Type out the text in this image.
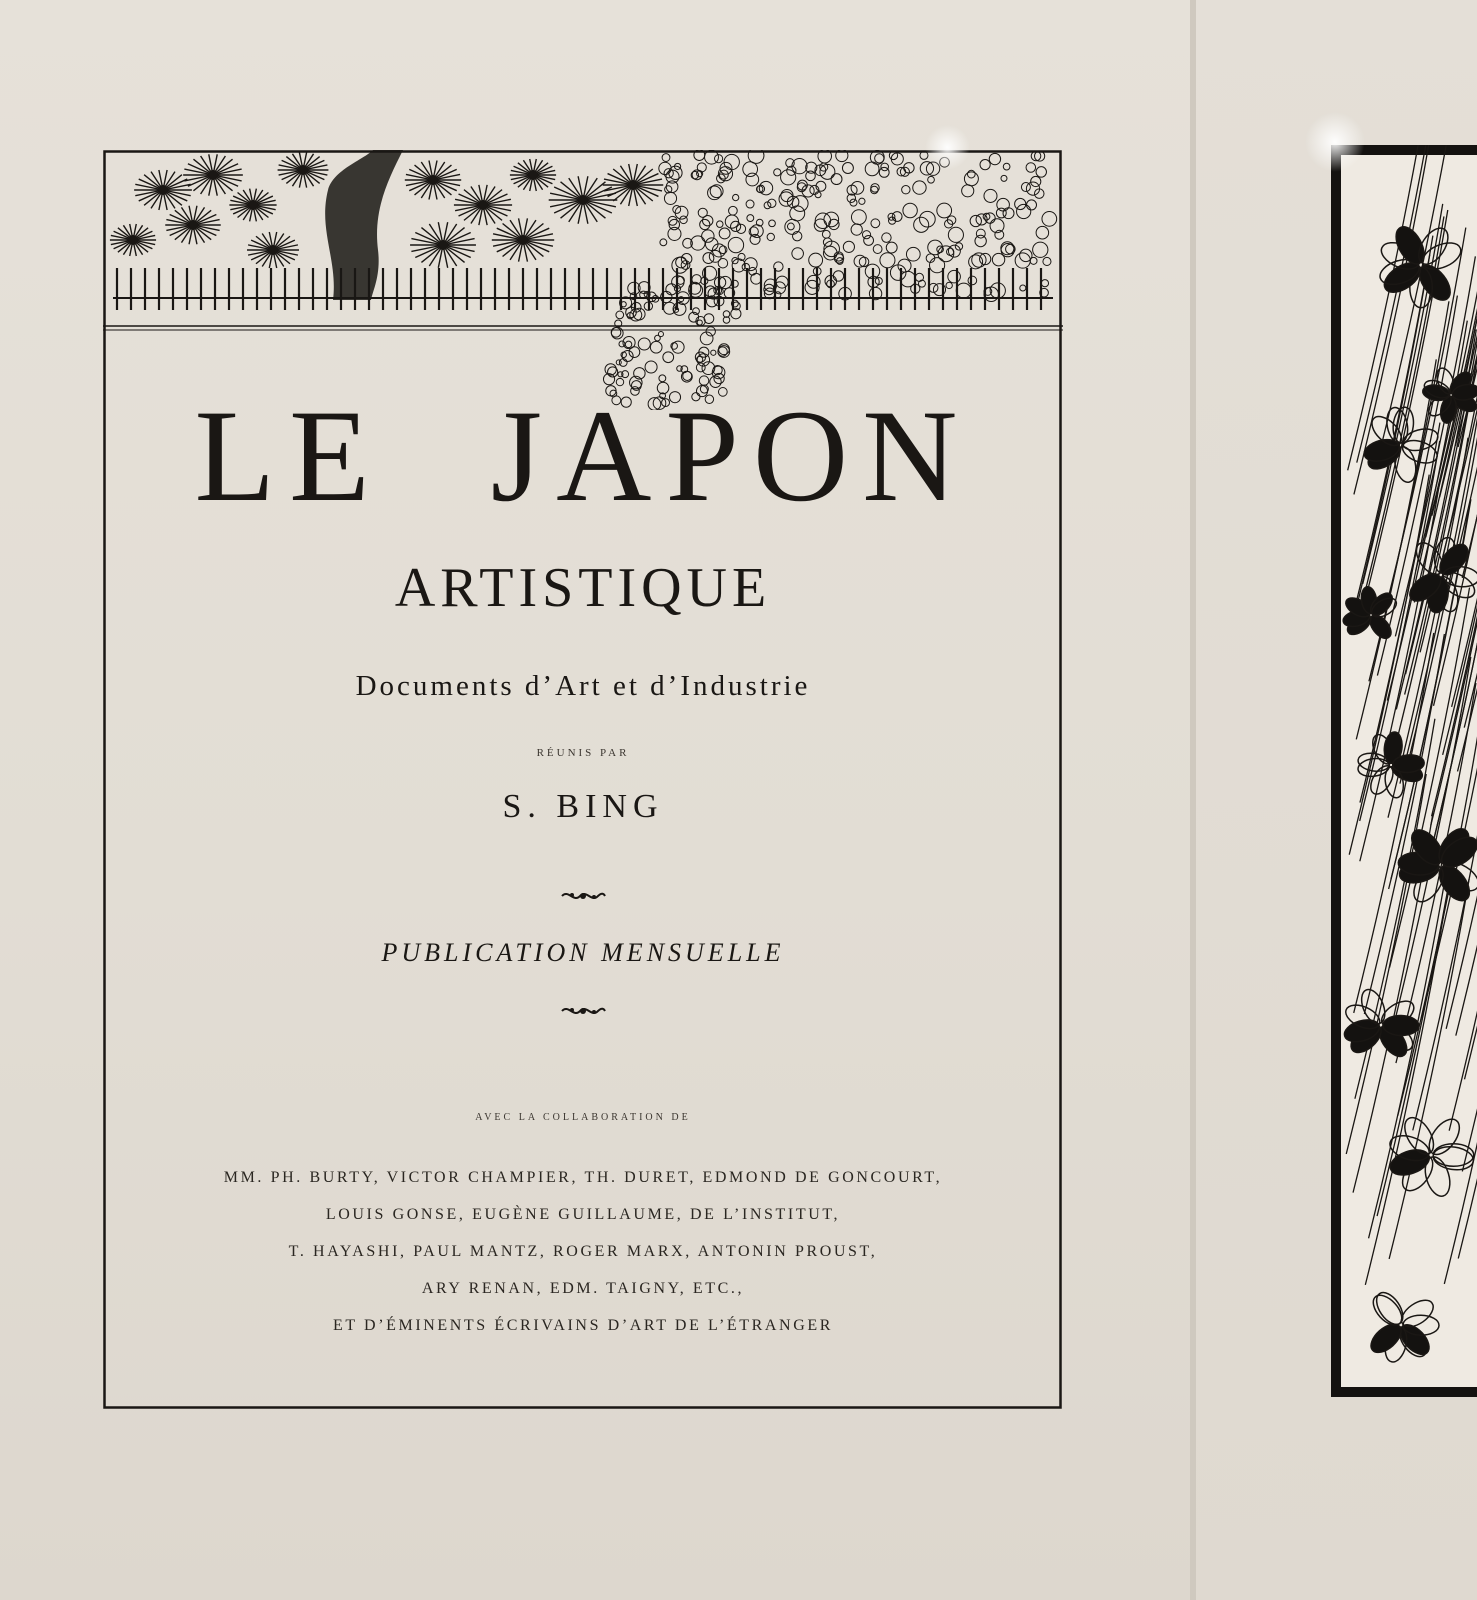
LE JAPON
ARTISTIQUE
Documents d’Art et d’Industrie
RÉUNIS PAR
S. BING
PUBLICATION MENSUELLE
AVEC LA COLLABORATION DE
MM. PH. BURTY, VICTOR CHAMPIER, TH. DURET, EDMOND DE GONCOURT,
LOUIS GONSE, EUGÈNE GUILLAUME, DE L’INSTITUT,
T. HAYASHI, PAUL MANTZ, ROGER MARX, ANTONIN PROUST,
ARY RENAN, EDM. TAIGNY, ETC.,
ET D’ÉMINENTS ÉCRIVAINS D’ART DE L’ÉTRANGER
